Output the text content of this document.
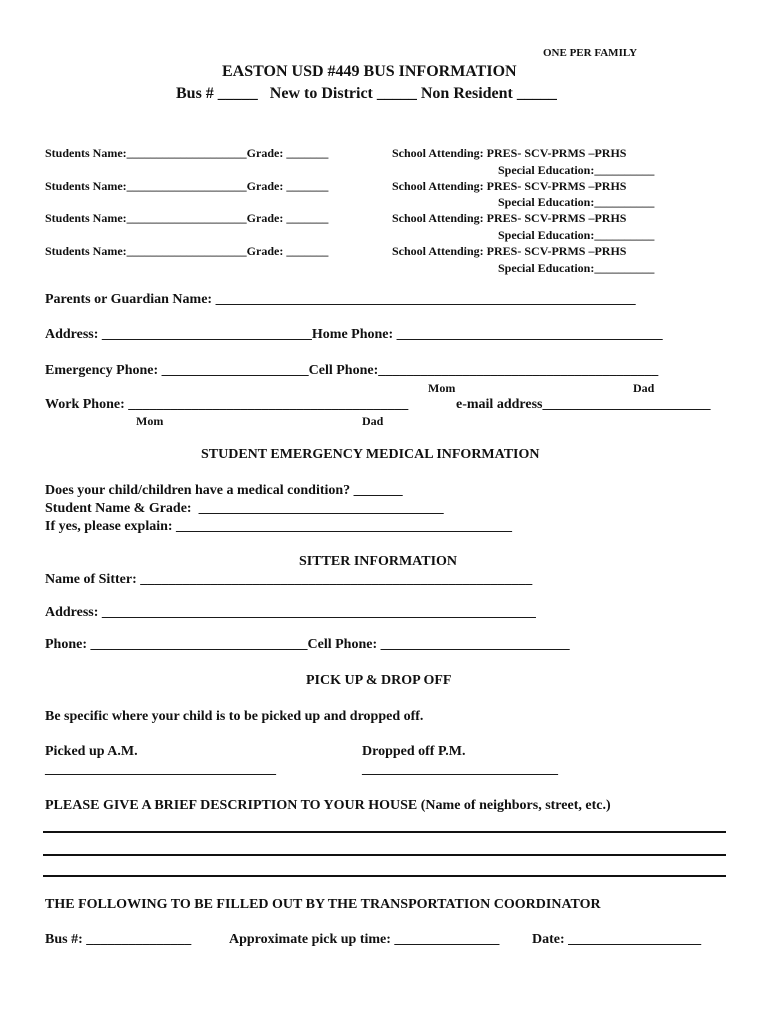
ONE PER FAMILY
EASTON USD #449 BUS INFORMATION
Bus # _____   New to District _____ Non Resident _____
Students Name:____________________Grade: _______	School Attending: PRES- SCV-PRMS –PRHS
Special Education:__________
Students Name:____________________Grade: _______	School Attending: PRES- SCV-PRMS –PRHS
Special Education:__________
Students Name:____________________Grade: _______	School Attending: PRES- SCV-PRMS –PRHS
Special Education:__________
Students Name:____________________Grade: _______	School Attending: PRES- SCV-PRMS –PRHS
Special Education:__________
Parents or Guardian Name: ____________________________________________________________
Address: ______________________________Home Phone: ______________________________________
Emergency Phone: _____________________Cell Phone:________________________________________
Mom	Dad
Work Phone: ________________________________________	e-mail address________________________
Mom	Dad
STUDENT EMERGENCY MEDICAL INFORMATION
Does your child/children have a medical condition? _______
Student Name & Grade:  ___________________________________
If yes, please explain: ________________________________________________
SITTER INFORMATION
Name of Sitter: ________________________________________________________
Address: ______________________________________________________________
Phone: _______________________________Cell Phone: ___________________________
PICK UP & DROP OFF
Be specific where your child is to be picked up and dropped off.
Picked up A.M.	Dropped off P.M.
_________________________________	____________________________
PLEASE GIVE A BRIEF DESCRIPTION TO YOUR HOUSE (Name of neighbors, street, etc.)
THE FOLLOWING TO BE FILLED OUT BY THE TRANSPORTATION COORDINATOR
Bus #: _______________	Approximate pick up time: _______________ Date: ___________________
